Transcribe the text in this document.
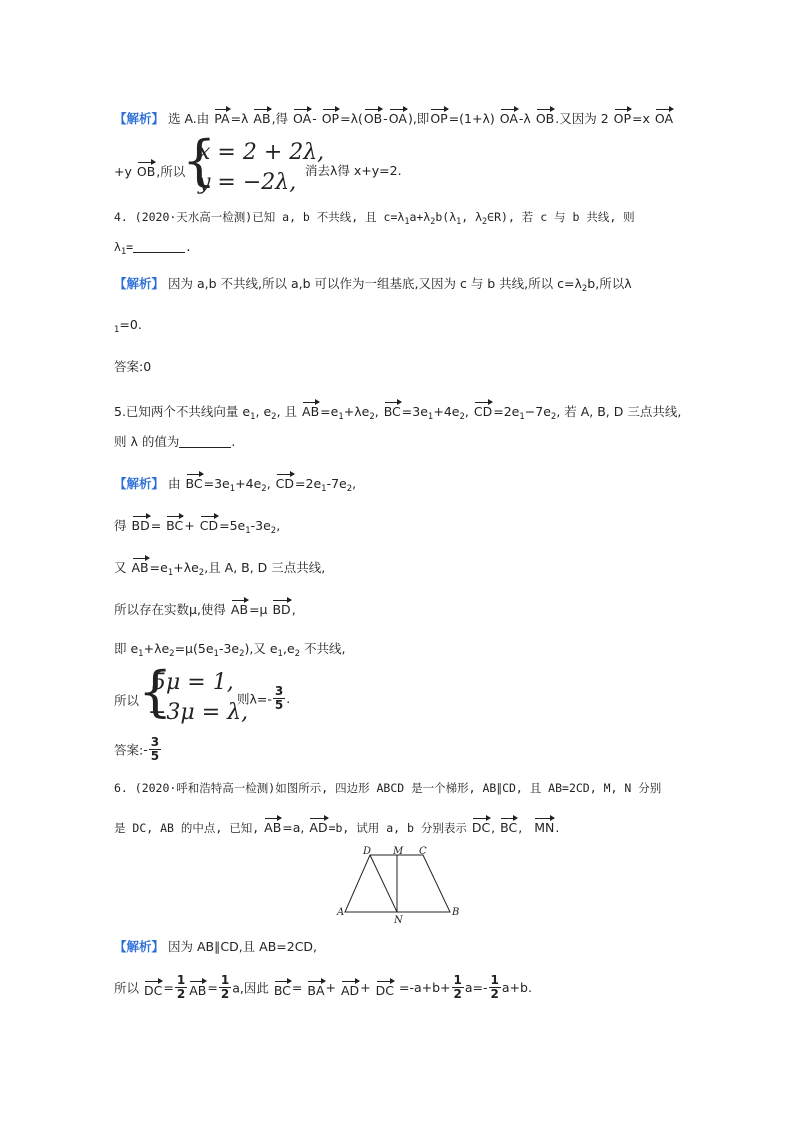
【解析】 选 A.由 PA=λ AB,得 OA- OP=λ(OB-OA),即OP=(1+λ) OA-λ OB.又因为 2 OP=x OA
+y OB,所以
{
x = 2 + 2λ,
y = −2λ, 消去λ得 x+y=2.
4. (2020·天水高一检测)已知 a, b 不共线, 且 $c=\lambda_1a+\lambda_2b(\lambda_1$, $\lambda_2\in R$), 若 c 与 b 共线, 则
$\lambda_1=$	.
【解析】 因为 a,b 不共线,所以 a,b 可以作为一组基底,又因为 c 与 b 共线,所以 $c=\lambda_2b$,所以λ
$_1$=0.
答案:0
5.已知两个不共线向量 $e_1$, $e_2$, 且 $AB=e_1+\lambda e_2$, $BC=3e_1+4e_2$, $CD=2e_1-7e_2$, 若 A, B, D 三点共线,
则 λ 的值为	.
【解析】 由 $BC=3e_1+4e_2$, $CD=2e_1-7e_2$,
得 $BD= BC+ CD=5e_1-3e_2$,
又 $AB=e_1+\lambda e_2$,且 A, B, D 三点共线,
所以存在实数μ,使得 AB=μ BD,
即 $e_1+\lambda e_2=\mu(5e_1-3e_2)$,又 $e_1,e_2$ 不共线,
所以
{
5μ = 1,
−3μ = λ,
则$\lambda=- \frac{3}{5}$ .
答案:- $\frac{3}{5}$
6. (2020·呼和浩特高一检测)如图所示, 四边形 ABCD 是一个梯形, AB∥CD, 且 AB=2CD, M, N 分别
是 DC, AB 的中点, 已知, AB=a, AD=b, 试用 a, b 分别表示 DC, BC, MN.
D M C
A
N
B
【解析】 因为 AB∥CD,且 AB=2CD,
所以 $DC= \frac{1}{2} AB= \frac{1}{2} a$,因此 BC= BA+ AD+ DC $=-a+b+ \frac{1}{2} a=- \frac{1}{2} a+b$.
